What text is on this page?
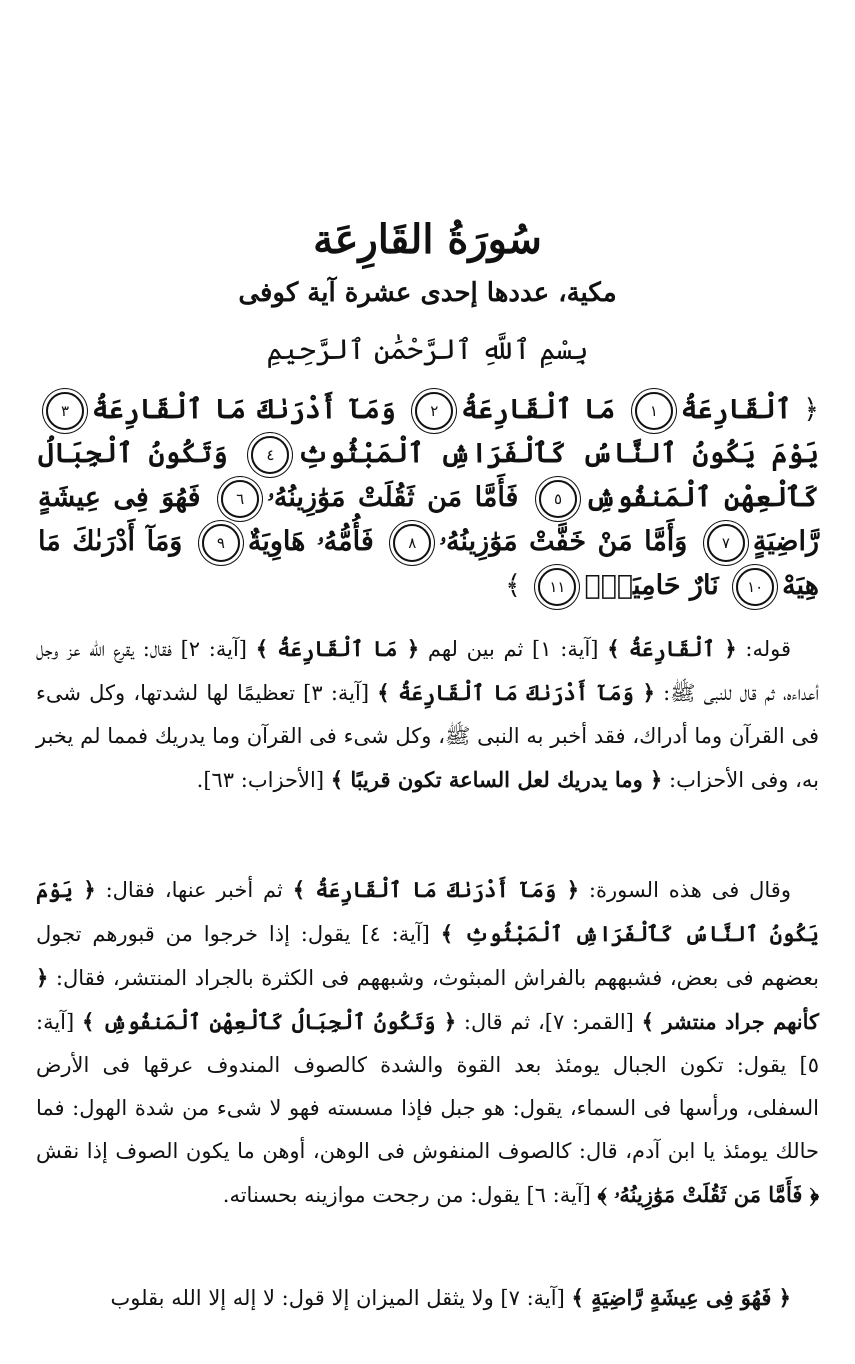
سُورَةُ القَارِعَة
مكية، عددها إحدى عشرة آية كوفى
بِسْمِ ٱللَّهِ ٱلرَّحْمَٰنِ ٱلرَّحِيمِ
﴿ ٱلْقَارِعَةُ١ مَا ٱلْقَارِعَةُ٢ وَمَآ أَدْرَىٰكَ مَا ٱلْقَارِعَةُ٣ يَوْمَ يَكُونُ ٱلنَّاسُ كَٱلْفَرَاشِ ٱلْمَبْثُوثِ٤ وَتَكُونُ ٱلْجِبَالُ كَٱلْعِهْنِ ٱلْمَنفُوشِ٥ فَأَمَّا مَن ثَقُلَتْ مَوَٰزِينُهُۥ٦ فَهُوَ فِى عِيشَةٍ رَّاضِيَةٍ٧ وَأَمَّا مَنْ خَفَّتْ مَوَٰزِينُهُۥ٨ فَأُمُّهُۥ هَاوِيَةٌ٩ وَمَآ أَدْرَىٰكَ مَا هِيَهْ١٠ نَارٌ حَامِيَةٌۢ١١ ﴾
قوله: ﴿ ٱلْقَارِعَةُ ﴾ [آية: ١] ثم بين لهم ﴿ مَا ٱلْقَارِعَةُ ﴾ [آية: ٢] فقال: يقرع الله عز وجل أعداءه، ثم قال للنبى ﷺ: ﴿ وَمَآ أَدْرَىٰكَ مَا ٱلْقَارِعَةُ ﴾ [آية: ٣] تعظيمًا لها لشدتها، وكل شىء فى القرآن وما أدراك، فقد أخبر به النبى ﷺ، وكل شىء فى القرآن وما يدريك فمما لم يخبر به، وفى الأحزاب: ﴿ وما يدريك لعل الساعة تكون قريبًا ﴾ [الأحزاب: ٦٣].
وقال فى هذه السورة: ﴿ وَمَآ أَدْرَىٰكَ مَا ٱلْقَارِعَةُ ﴾ ثم أخبر عنها، فقال: ﴿ يَوْمَ يَكُونُ ٱلنَّاسُ كَٱلْفَرَاشِ ٱلْمَبْثُوثِ ﴾ [آية: ٤] يقول: إذا خرجوا من قبورهم تجول بعضهم فى بعض، فشبههم بالفراش المبثوث، وشبههم فى الكثرة بالجراد المنتشر، فقال: ﴿ كأنهم جراد منتشر ﴾ [القمر: ٧]، ثم قال: ﴿ وَتَكُونُ ٱلْجِبَالُ كَٱلْعِهْنِ ٱلْمَنفُوشِ ﴾ [آية: ٥] يقول: تكون الجبال يومئذ بعد القوة والشدة كالصوف المندوف عرقها فى الأرض السفلى، ورأسها فى السماء، يقول: هو جبل فإذا مسسته فهو لا شىء من شدة الهول: فما حالك يومئذ يا ابن آدم، قال: كالصوف المنفوش فى الوهن، أوهن ما يكون الصوف إذا نقش ﴿ فَأَمَّا مَن ثَقُلَتْ مَوَٰزِينُهُۥ ﴾ [آية: ٦] يقول: من رجحت موازينه بحسناته.
﴿ فَهُوَ فِى عِيشَةٍ رَّاضِيَةٍ ﴾ [آية: ٧] ولا يثقل الميزان إلا قول: لا إله إلا الله بقلوب
